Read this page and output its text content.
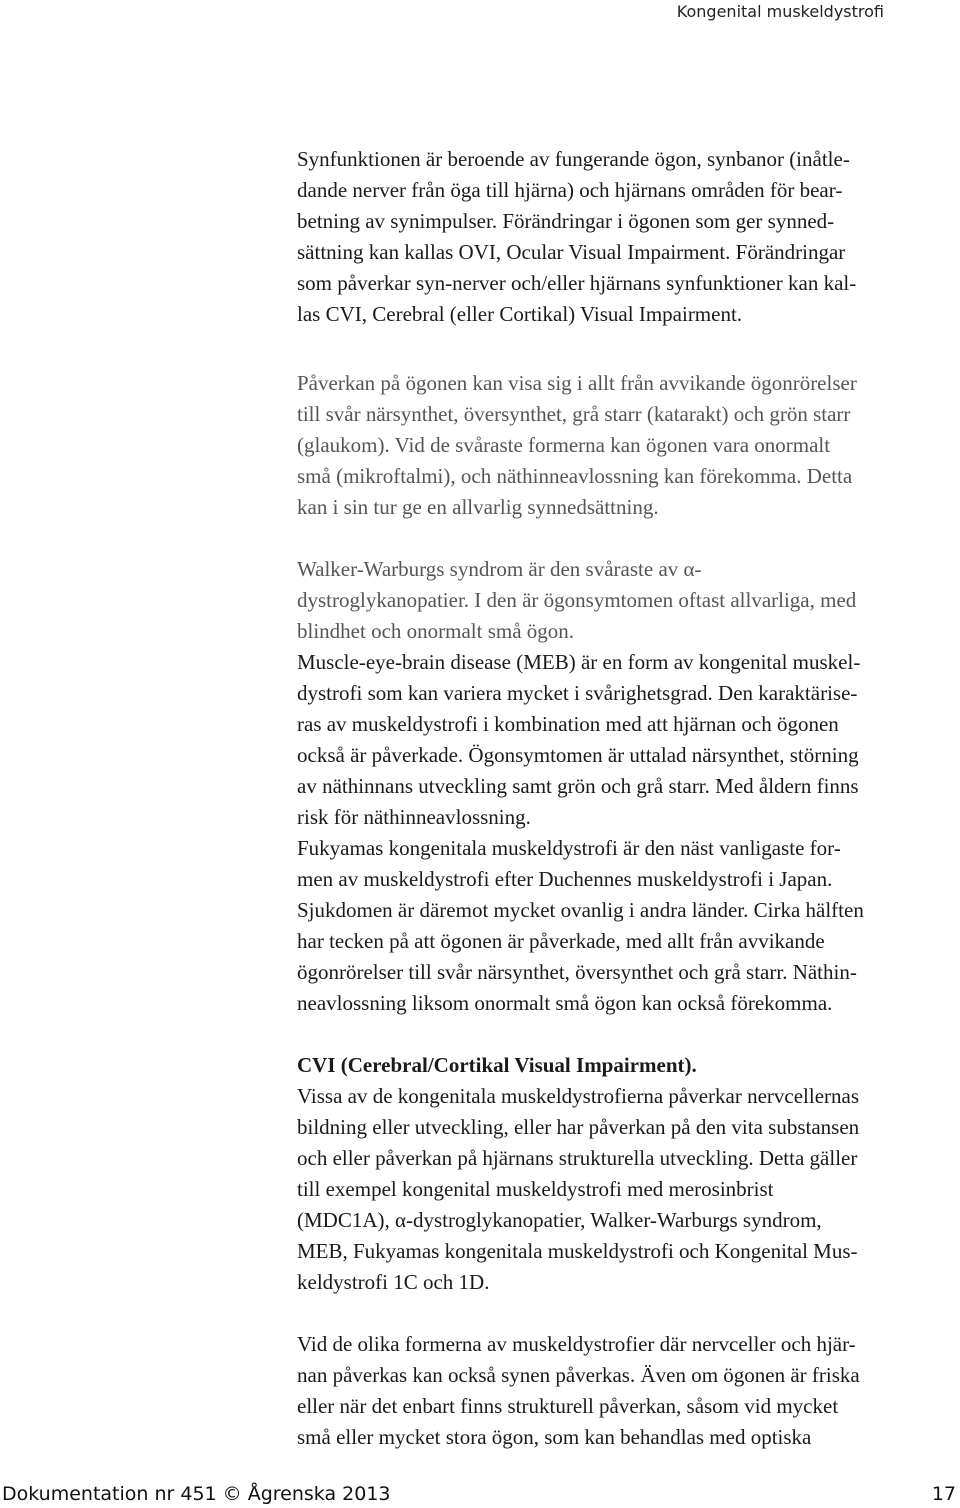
Kongenital muskeldystrofi
Synfunktionen är beroende av fungerande ögon, synbanor (inåtle-
dande nerver från öga till hjärna) och hjärnans områden för bear-
betning av synimpulser. Förändringar i ögonen som ger synned-
sättning kan kallas OVI, Ocular Visual Impairment. Förändringar
som påverkar syn-nerver och/eller hjärnans synfunktioner kan kal-
las CVI, Cerebral (eller Cortikal) Visual Impairment.
Påverkan på ögonen kan visa sig i allt från avvikande ögonrörelser
till svår närsynthet, översynthet, grå starr (katarakt) och grön starr
(glaukom). Vid de svåraste formerna kan ögonen vara onormalt
små (mikroftalmi), och näthinneavlossning kan förekomma. Detta
kan i sin tur ge en allvarlig synnedsättning.
Walker-Warburgs syndrom är den svåraste av α-
dystroglykanopatier. I den är ögonsymtomen oftast allvarliga, med
blindhet och onormalt små ögon.
Muscle-eye-brain disease (MEB) är en form av kongenital muskel-
dystrofi som kan variera mycket i svårighetsgrad. Den karaktärise-
ras av muskeldystrofi i kombination med att hjärnan och ögonen
också är påverkade. Ögonsymtomen är uttalad närsynthet, störning
av näthinnans utveckling samt grön och grå starr. Med åldern finns
risk för näthinneavlossning.
Fukyamas kongenitala muskeldystrofi är den näst vanligaste for-
men av muskeldystrofi efter Duchennes muskeldystrofi i Japan.
Sjukdomen är däremot mycket ovanlig i andra länder. Cirka hälften
har tecken på att ögonen är påverkade, med allt från avvikande
ögonrörelser till svår närsynthet, översynthet och grå starr. Näthin-
neavlossning liksom onormalt små ögon kan också förekomma.
CVI (Cerebral/Cortikal Visual Impairment).
Vissa av de kongenitala muskeldystrofierna påverkar nervcellernas
bildning eller utveckling, eller har påverkan på den vita substansen
och eller påverkan på hjärnans strukturella utveckling. Detta gäller
till exempel kongenital muskeldystrofi med merosinbrist
(MDC1A), α-dystroglykanopatier, Walker-Warburgs syndrom,
MEB, Fukyamas kongenitala muskeldystrofi och Kongenital Mus-
keldystrofi 1C och 1D.
Vid de olika formerna av muskeldystrofier där nervceller och hjär-
nan påverkas kan också synen påverkas. Även om ögonen är friska
eller när det enbart finns strukturell påverkan, såsom vid mycket
små eller mycket stora ögon, som kan behandlas med optiska
Dokumentation nr 451 © Ågrenska 2013	17
